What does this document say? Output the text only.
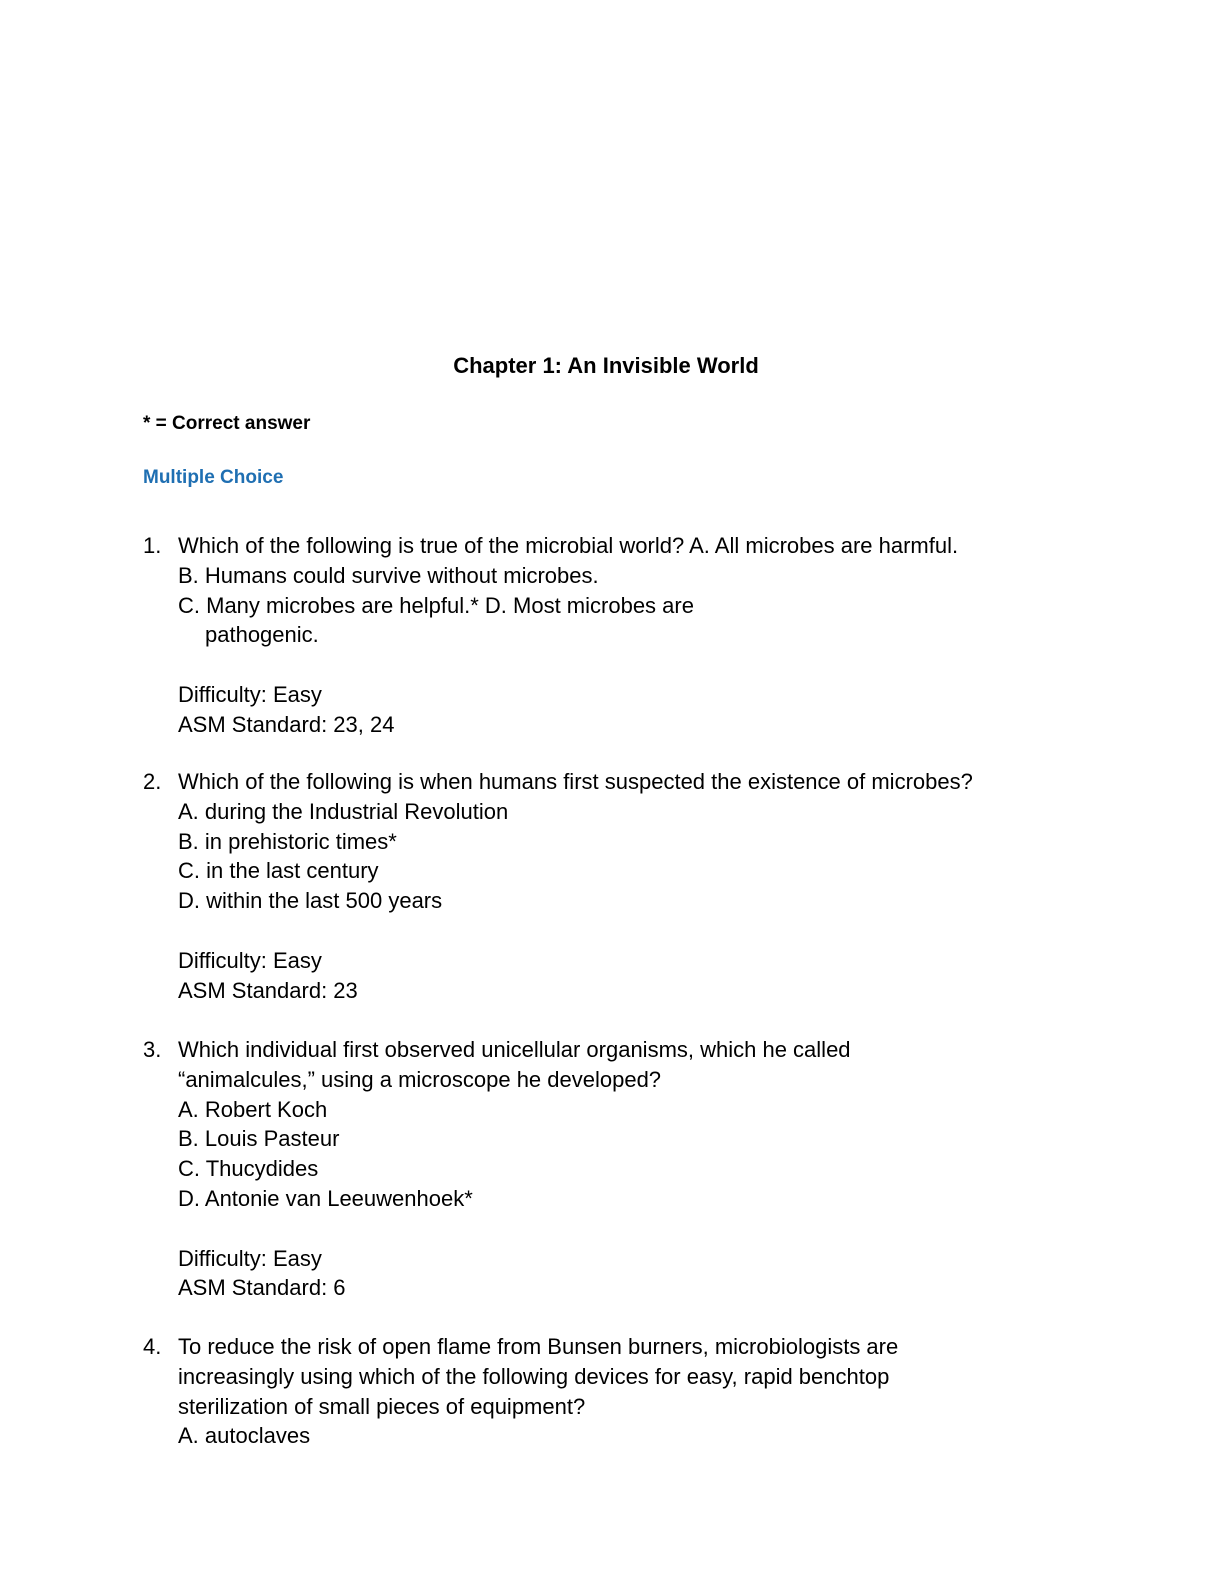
Chapter 1: An Invisible World
* = Correct answer
Multiple Choice
1. Which of the following is true of the microbial world? A. All microbes are harmful.
B. Humans could survive without microbes.
C. Many microbes are helpful.* D. Most microbes are
pathogenic.
Difficulty: Easy
ASM Standard: 23, 24
2. Which of the following is when humans first suspected the existence of microbes?
A. during the Industrial Revolution
B. in prehistoric times*
C. in the last century
D. within the last 500 years
Difficulty: Easy
ASM Standard: 23
3. Which individual first observed unicellular organisms, which he called
“animalcules,” using a microscope he developed?
A. Robert Koch
B. Louis Pasteur
C. Thucydides
D. Antonie van Leeuwenhoek*
Difficulty: Easy
ASM Standard: 6
4. To reduce the risk of open flame from Bunsen burners, microbiologists are
increasingly using which of the following devices for easy, rapid benchtop
sterilization of small pieces of equipment?
A. autoclaves
